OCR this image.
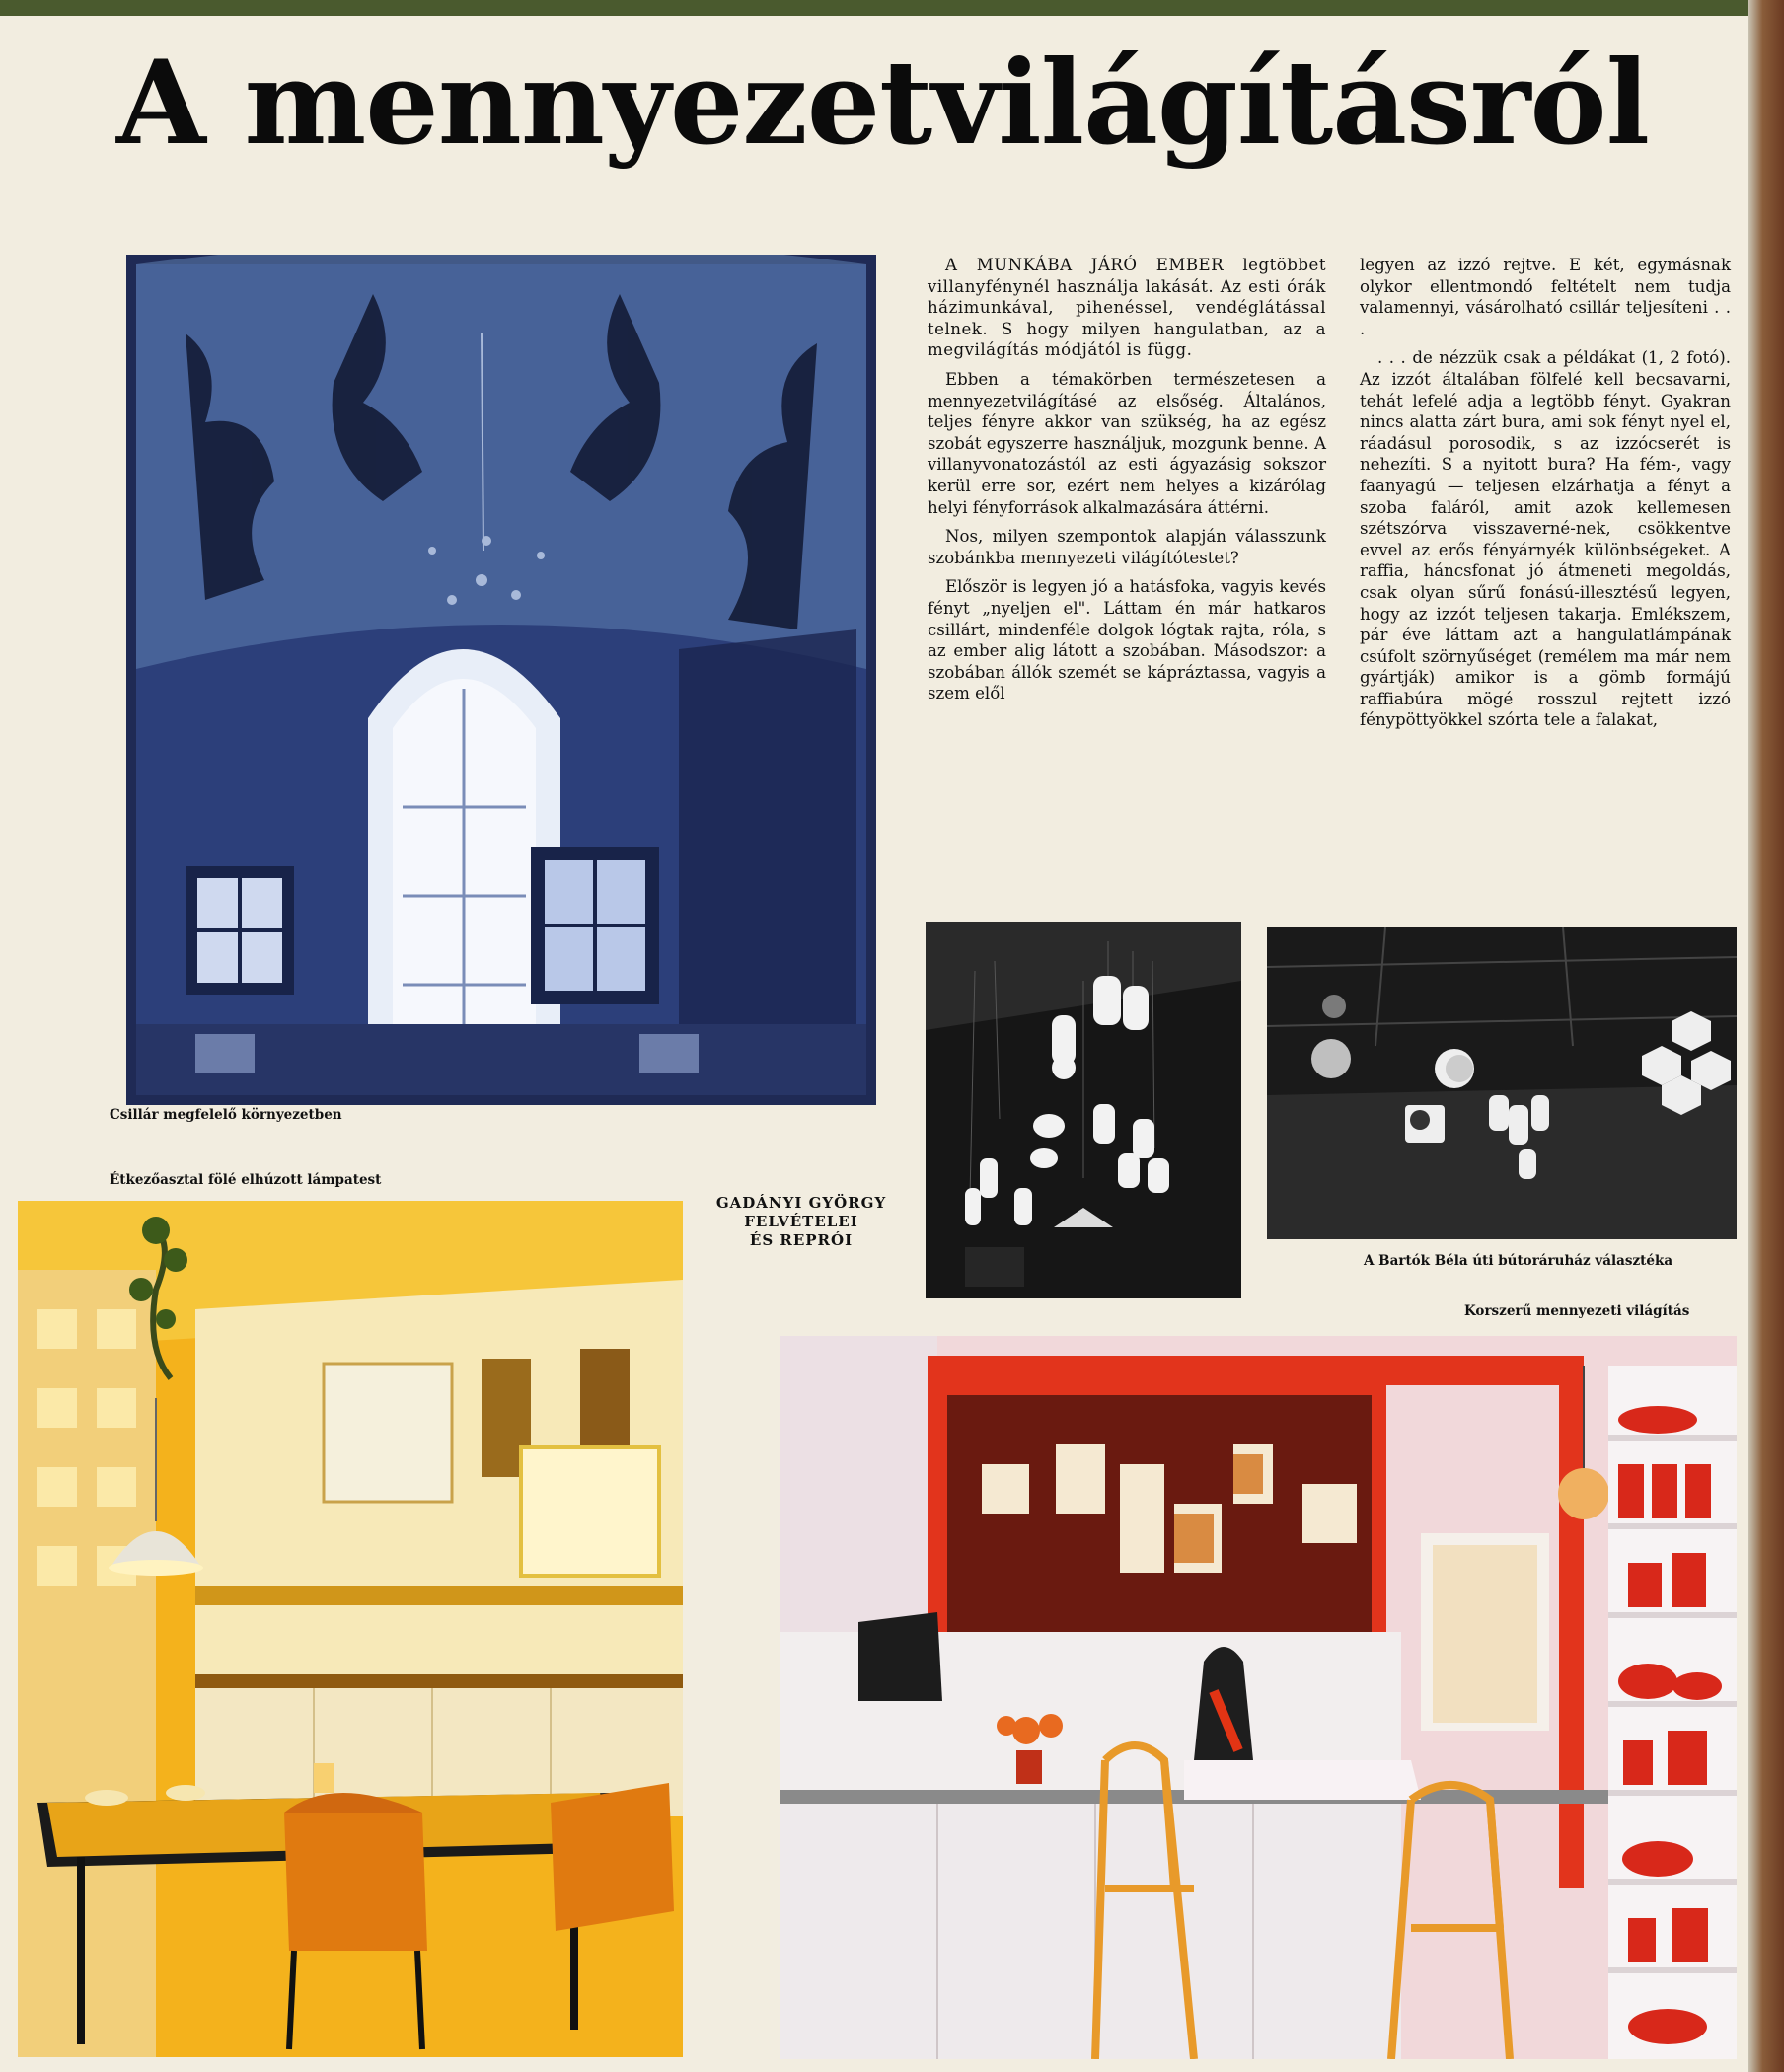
A mennyezetvilágításról
Csillár megfelelő környezetben
Étkezőasztal fölé elhúzott lámpatest

A MUNKÁBA JÁRÓ EMBER legtöbbet villanyfénynél használja lakását. Az esti órák házimunkával, pihenéssel, vendéglátással telnek. S hogy milyen hangulatban, az a megvilágítás módjától is függ.

Ebben a témakörben természetesen a mennyezetvilágításé az elsőség. Általános, teljes fényre akkor van szükség, ha az egész szobát egyszerre használjuk, mozgunk benne. A villanyvonatozástól az esti ágyazásig sokszor kerül erre sor, ezért nem helyes a kizárólag helyi fényforrások alkalmazására áttérni.

Nos, milyen szempontok alapján válasszunk szobánkba mennyezeti világítótestet?

Először is legyen jó a hatásfoka, vagyis kevés fényt „nyeljen el". Láttam én már hatkaros csillárt, mindenféle dolgok lógtak rajta, róla, s az ember alig látott a szobában. Másodszor: a szobában állók szemét se kápráztassa, vagyis a szem elől

legyen az izzó rejtve. E két, egymásnak olykor ellentmondó feltételt nem tudja valamennyi, vásárolható csillár teljesíteni . . .

. . . de nézzük csak a példákat (1, 2 fotó). Az izzót általában fölfelé kell becsavarni, tehát lefelé adja a legtöbb fényt. Gyakran nincs alatta zárt bura, ami sok fényt nyel el, ráadásul porosodik, s az izzócserét is nehezíti. S a nyitott bura? Ha fém-, vagy faanyagú — teljesen elzárhatja a fényt a szoba faláról, amit azok kellemesen szétszórva visszaverné-nek, csökkentve evvel az erős fényárnyék különbségeket. A raffia, háncsfonat jó átmeneti megoldás, csak olyan sűrű fonású-illesztésű legyen, hogy az izzót teljesen takarja. Emlékszem, pár éve láttam azt a hangulatlámpának csúfolt szörnyűséget (remélem ma már nem gyártják) amikor is a gömb formájú raffiabúra mögé rosszul rejtett izzó fénypöttyökkel szórta tele a falakat,

A Bartók Béla úti bútoráruház választéka
Korszerű mennyezeti világítás
GADÁNYI GYÖRGY
FELVÉTELEI
ÉS REPRÓI
